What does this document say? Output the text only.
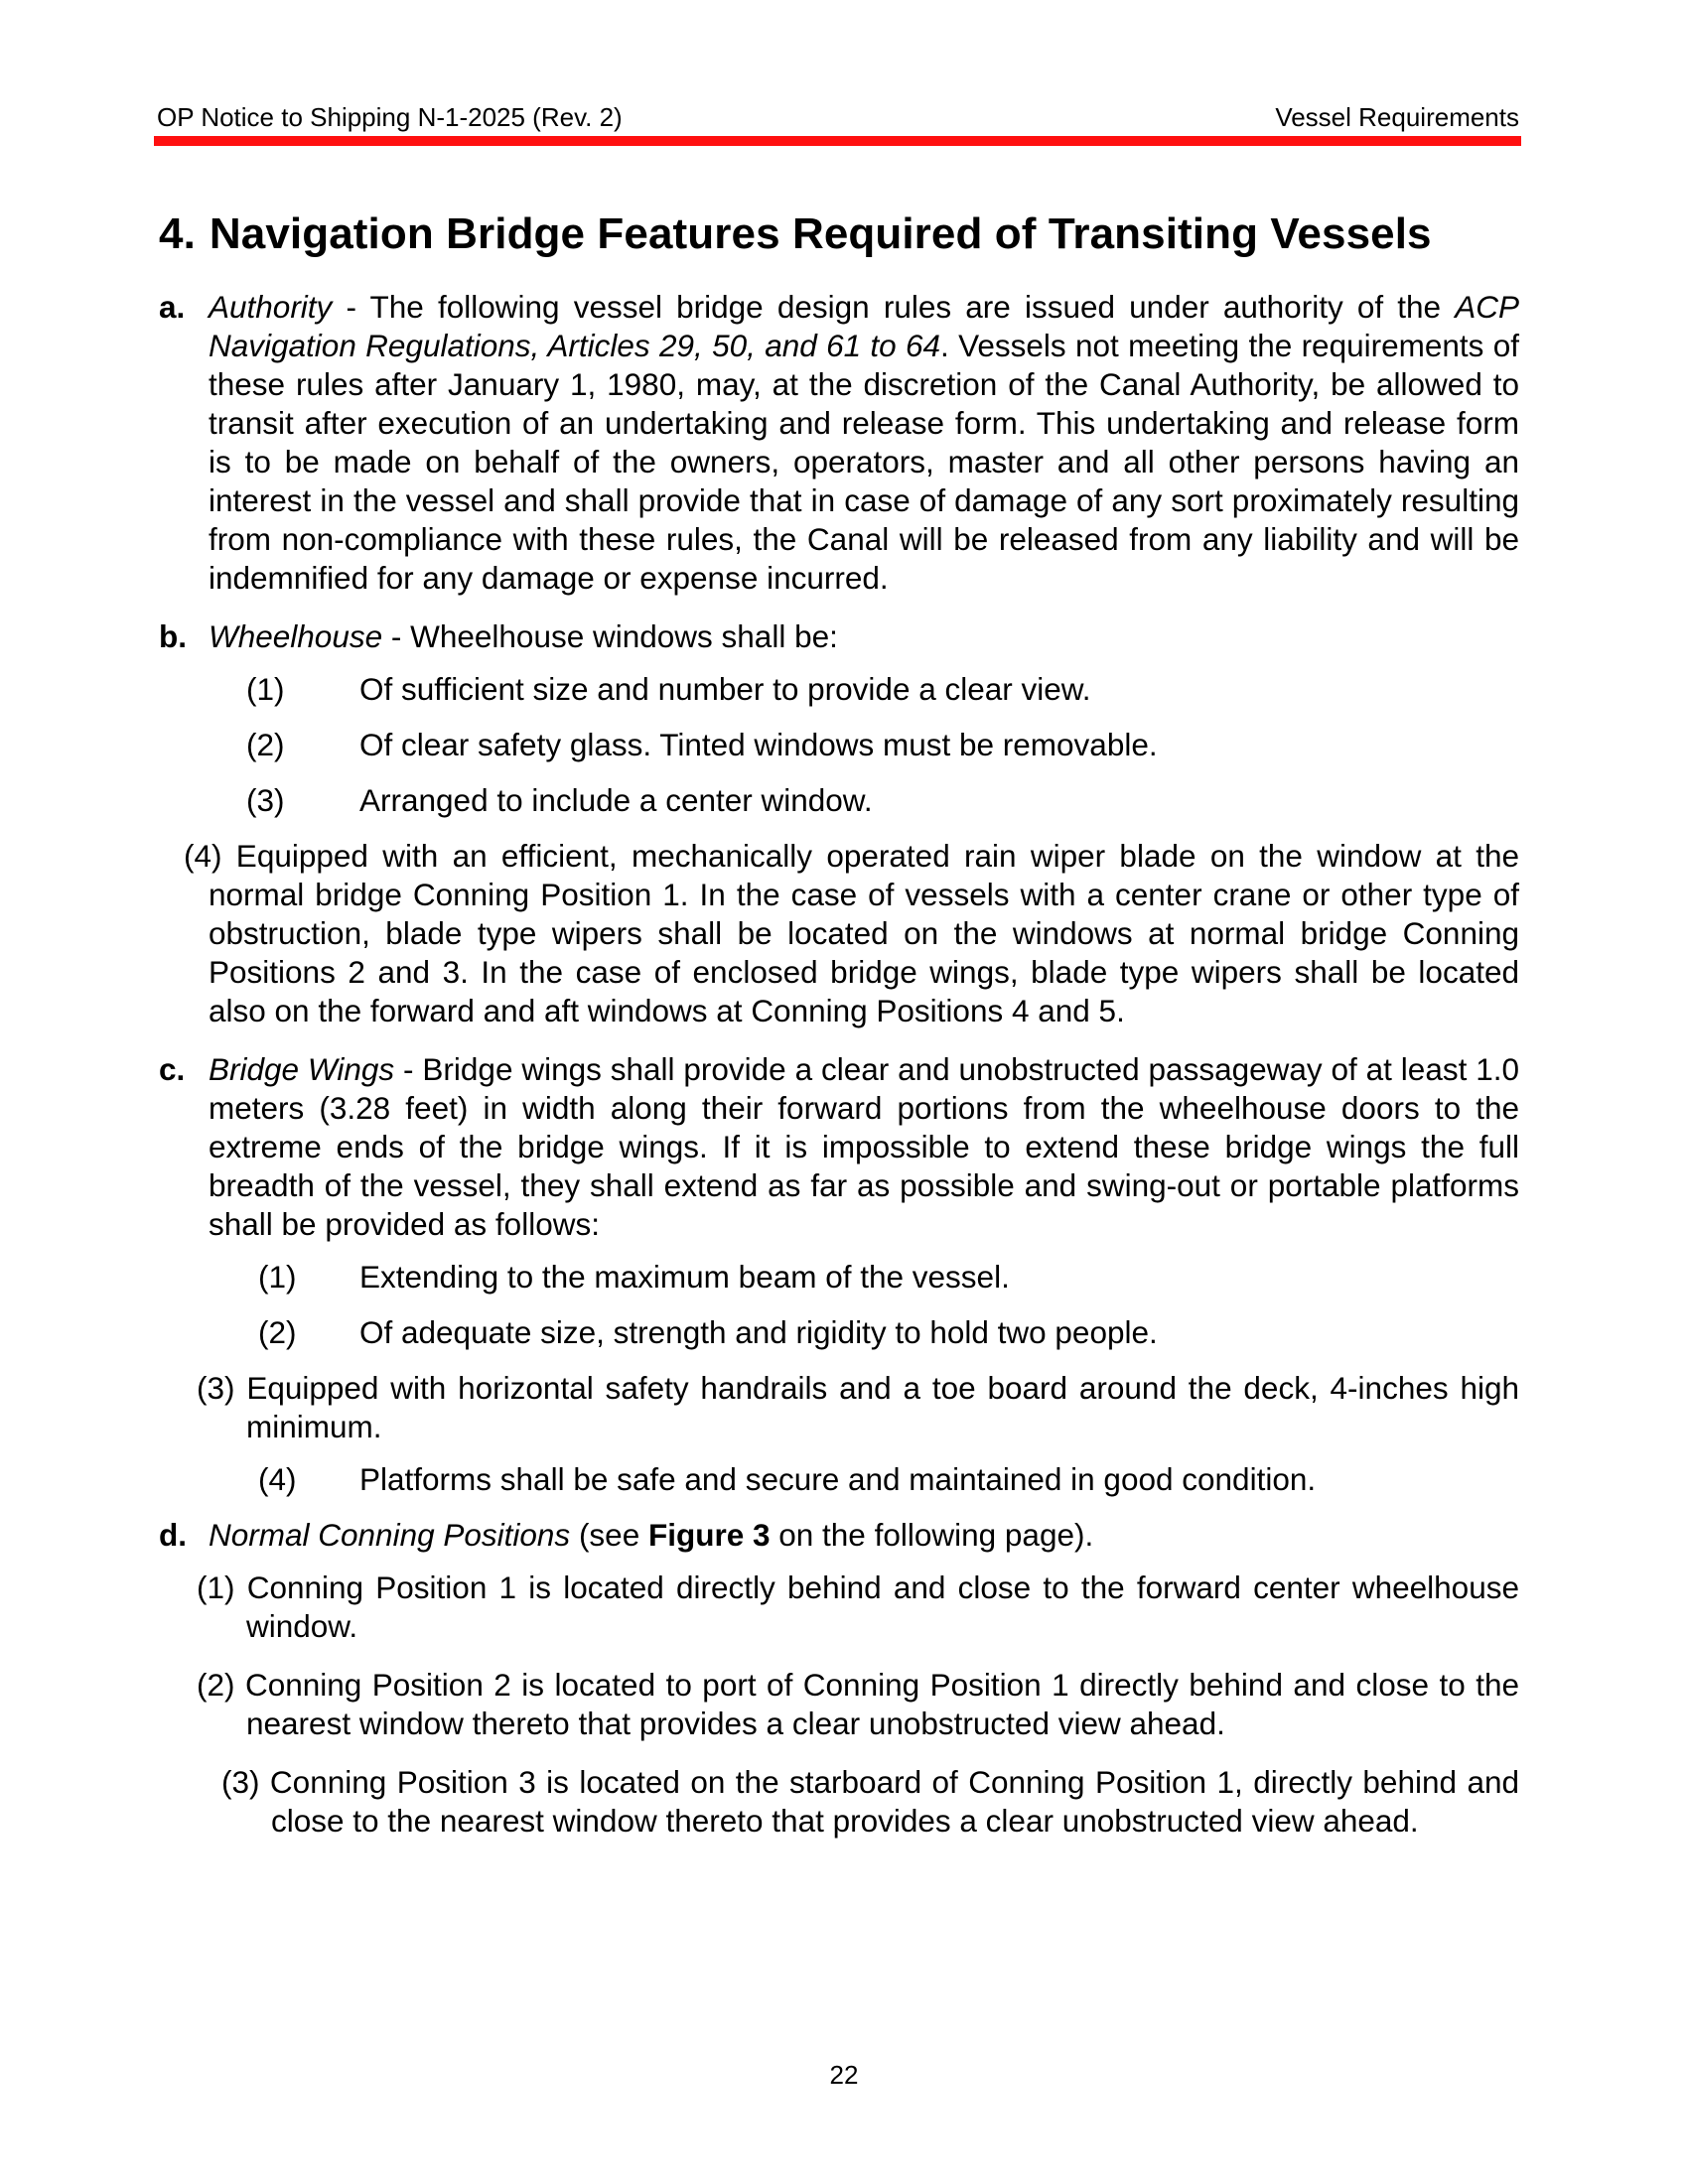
OP Notice to Shipping N-1-2025 (Rev. 2)	Vessel Requirements
4. Navigation Bridge Features Required of Transiting Vessels
a. Authority - The following vessel bridge design rules are issued under authority of the ACP Navigation Regulations, Articles 29, 50, and 61 to 64. Vessels not meeting the requirements of these rules after January 1, 1980, may, at the discretion of the Canal Authority, be allowed to transit after execution of an undertaking and release form. This undertaking and release form is to be made on behalf of the owners, operators, master and all other persons having an interest in the vessel and shall provide that in case of damage of any sort proximately resulting from non-compliance with these rules, the Canal will be released from any liability and will be indemnified for any damage or expense incurred.
b. Wheelhouse - Wheelhouse windows shall be:
(1) Of sufficient size and number to provide a clear view.
(2) Of clear safety glass. Tinted windows must be removable.
(3) Arranged to include a center window.
(4) Equipped with an efficient, mechanically operated rain wiper blade on the window at the normal bridge Conning Position 1. In the case of vessels with a center crane or other type of obstruction, blade type wipers shall be located on the windows at normal bridge Conning Positions 2 and 3. In the case of enclosed bridge wings, blade type wipers shall be located also on the forward and aft windows at Conning Positions 4 and 5.
c. Bridge Wings - Bridge wings shall provide a clear and unobstructed passageway of at least 1.0 meters (3.28 feet) in width along their forward portions from the wheelhouse doors to the extreme ends of the bridge wings. If it is impossible to extend these bridge wings the full breadth of the vessel, they shall extend as far as possible and swing-out or portable platforms shall be provided as follows:
(1) Extending to the maximum beam of the vessel.
(2) Of adequate size, strength and rigidity to hold two people.
(3) Equipped with horizontal safety handrails and a toe board around the deck, 4-inches high minimum.
(4) Platforms shall be safe and secure and maintained in good condition.
d. Normal Conning Positions (see Figure 3 on the following page).
(1) Conning Position 1 is located directly behind and close to the forward center wheelhouse window.
(2) Conning Position 2 is located to port of Conning Position 1 directly behind and close to the nearest window thereto that provides a clear unobstructed view ahead.
(3) Conning Position 3 is located on the starboard of Conning Position 1, directly behind and close to the nearest window thereto that provides a clear unobstructed view ahead.
22
